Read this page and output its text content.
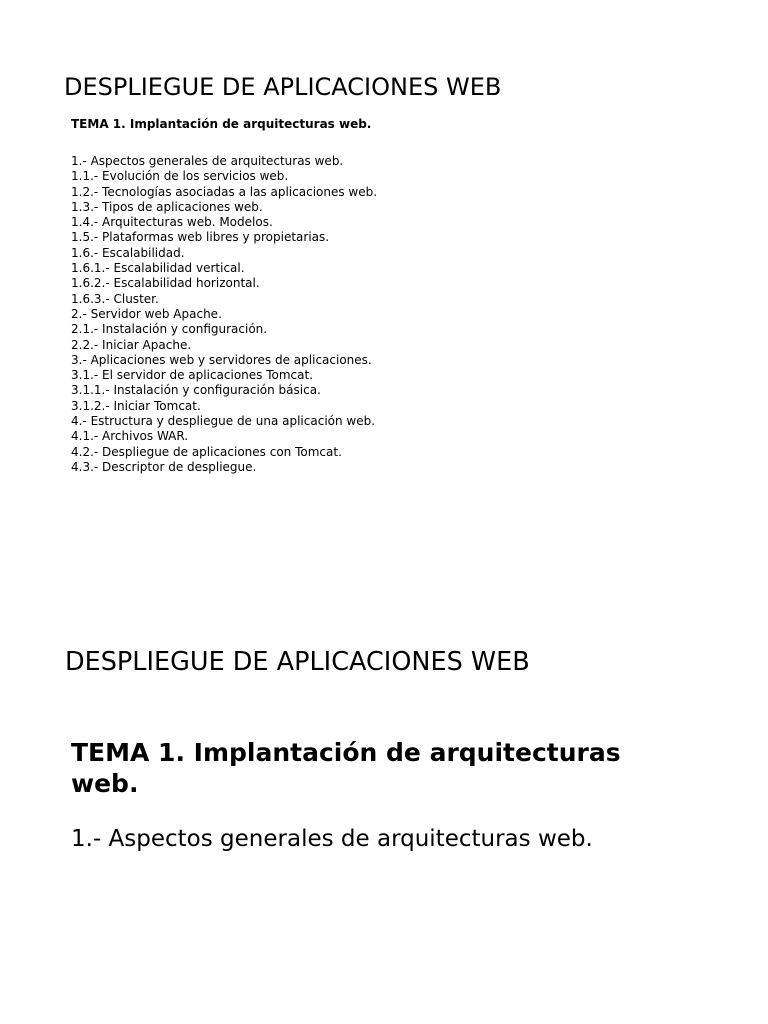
DESPLIEGUE DE APLICACIONES WEB
TEMA 1. Implantación de arquitecturas web.
1.- Aspectos generales de arquitecturas web.
1.1.- Evolución de los servicios web.
1.2.- Tecnologías asociadas a las aplicaciones web.
1.3.- Tipos de aplicaciones web.
1.4.- Arquitecturas web. Modelos.
1.5.- Plataformas web libres y propietarias.
1.6.- Escalabilidad.
1.6.1.- Escalabilidad vertical.
1.6.2.- Escalabilidad horizontal.
1.6.3.- Cluster.
2.- Servidor web Apache.
2.1.- Instalación y configuración.
2.2.- Iniciar Apache.
3.- Aplicaciones web y servidores de aplicaciones.
3.1.- El servidor de aplicaciones Tomcat.
3.1.1.- Instalación y configuración básica.
3.1.2.- Iniciar Tomcat.
4.- Estructura y despliegue de una aplicación web.
4.1.- Archivos WAR.
4.2.- Despliegue de aplicaciones con Tomcat.
4.3.- Descriptor de despliegue.
DESPLIEGUE DE APLICACIONES WEB
TEMA 1. Implantación de arquitecturas web.

1.- Aspectos generales de arquitecturas web.
